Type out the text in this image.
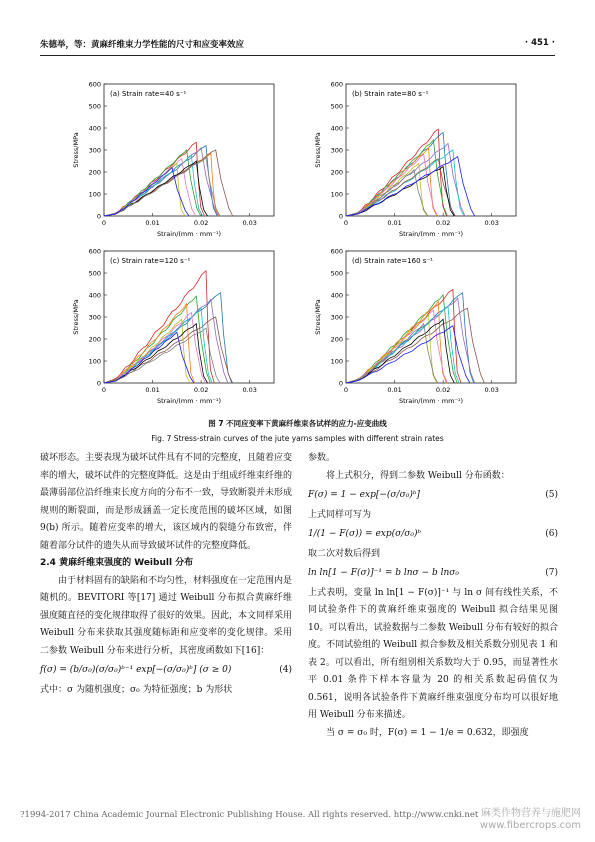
朱德举，等：黄麻纤维束力学性能的尺寸和应变率效应	· 451 ·
0
100
200
300
400
500
600
0	0.01	0.02	0.03
Strain/(mm · mm⁻¹)
Stress/MPa
(a) Strain rate=40 s⁻¹
0
100
200
300
400
500
600
0	0.01	0.02	0.03
Strain/(mm · mm⁻¹)
Stress/MPa
(b) Strain rate=80 s⁻¹
0
100
200
300
400
500
600
0	0.01	0.02	0.03
Strain/(mm · mm⁻¹)
Stress/MPa
(c) Strain rate=120 s⁻¹
0
100
200
300
400
500
600
0	0.01	0.02	0.03
Strain/(mm · mm⁻¹)
Stress/MPa
(d) Strain rate=160 s⁻¹
图 7 不同应变率下黄麻纤维束各试样的应力-应变曲线
Fig. 7 Stress-strain curves of the jute yarns samples with different strain rates

破坏形态。主要表现为破坏试件具有不同的完整度，且随着应变率的增大，破坏试件的完整度降低。这是由于组成纤维束纤维的最薄弱部位沿纤维束长度方向的分布不一致，导致断裂并未形成规则的断裂面，而是形成涵盖一定长度范围的破坏区域，如图 9(b) 所示。随着应变率的增大，该区域内的裂缝分布致密，伴随着部分试件的遗失从而导致破坏试件的完整度降低。

2.4 黄麻纤维束强度的 Weibull 分布

由于材料固有的缺陷和不均匀性，材料强度在一定范围内是随机的。BEVITORI 等[17] 通过 Weibull 分布拟合黄麻纤维强度随直径的变化规律取得了很好的效果。因此，本文同样采用 Weibull 分布来获取其强度随标距和应变率的变化规律。采用二参数 Weibull 分布来进行分析，其密度函数如下[16]：

f(σ) = (b/σ₀)(σ/σ₀)ᵇ⁻¹ exp[−(σ/σ₀)ᵇ] (σ ≥ 0)	(4)

式中：σ 为随机强度；σ₀ 为特征强度；b 为形状

参数。

将上式积分，得到二参数 Weibull 分布函数：

F(σ) = 1 − exp[−(σ/σ₀)ᵇ]	(5)

上式同样可写为

1/(1 − F(σ)) = exp(σ/σ₀)ᵇ	(6)

取二次对数后得到

ln ln[1 − F(σ)]⁻¹ = b lnσ − b lnσ₀	(7)

上式表明，变量 ln ln[1 − F(σ)]⁻¹ 与 ln σ 间有线性关系，不同试验条件下的黄麻纤维束强度的 Weibull 拟合结果见图 10。可以看出，试验数据与二参数 Weibull 分布有较好的拟合度。不同试验组的 Weibull 拟合参数及相关系数分别见表 1 和表 2。可以看出，所有组别相关系数均大于 0.95，而显著性水平 0.01 条件下样本容量为 20 的相关系数起码值仅为 0.561，说明各试验条件下黄麻纤维束强度分布均可以很好地用 Weibull 分布来描述。

当 σ = σ₀ 时，F(σ) = 1 − 1/e = 0.632，即强度

?1994-2017 China Academic Journal Electronic Publishing House. All rights reserved. http://www.cnki.net 麻类作物营养与施肥网
www.fibercrops.com
